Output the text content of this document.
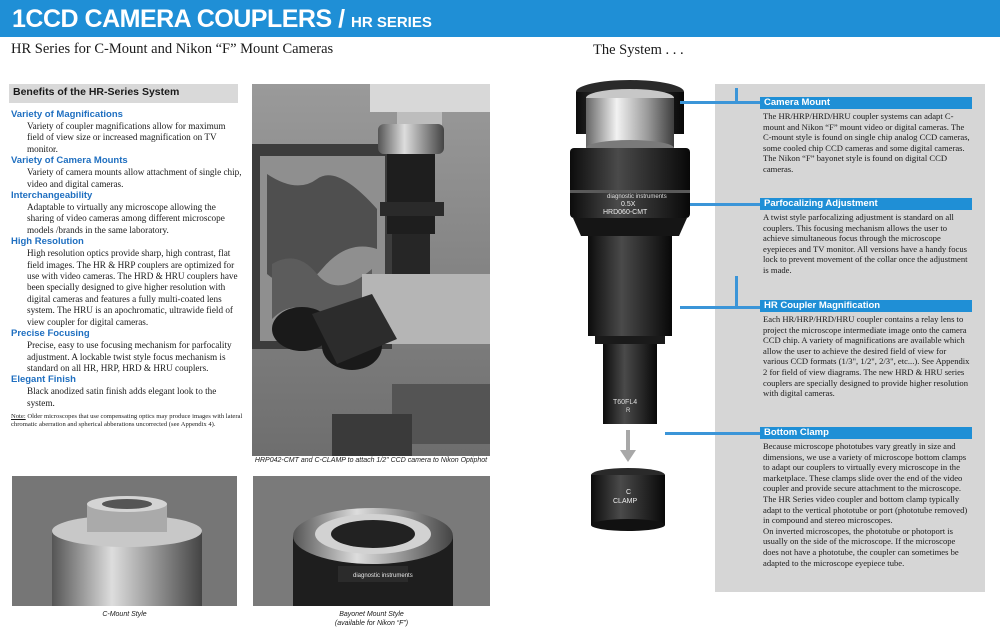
1CCD CAMERA COUPLERS / HR SERIES
HR Series for C-Mount and Nikon “F” Mount Cameras	The System . . .
Benefits of the HR-Series System
Variety of Magnifications
Variety of coupler magnifications allow for maximum field of view size or increased magnification on TV monitor.
Variety of Camera Mounts
Variety of camera mounts allow attachment of single chip, video and digital cameras.
Interchangeability
Adaptable to virtually any microscope allowing the sharing of video cameras among different microscope models /brands in the same laboratory.
High Resolution
High resolution optics provide sharp, high contrast, flat field images. The HR & HRP couplers are optimized for use with video cameras. The HRD & HRU couplers have been specially designed to give higher resolution with digital cameras and features a fully multi-coated lens system. The HRU is an apochromatic, ultrawide field of view coupler for digital cameras.
Precise Focusing
Precise, easy to use focusing mechanism for parfocality adjustment. A lockable twist style focus mechanism is standard on all HR, HRP, HRD & HRU couplers.
Elegant Finish
Black anodized satin finish adds elegant look to the system.
Note: Older microscopes that use compensating optics may produce images with lateral chromatic aberration and spherical abberations uncorrected (see Appendix 4).
HRP042-CMT and C-CLAMP to attach 1/2" CCD camera to Nikon Optiphot
C-Mount Style
diagnostic instruments
Bayonet Mount Style
(available for Nikon “F”)
diagnostic instruments
0.5X
HRD060-CMT
T60FL4
R
C
CLAMP
Camera Mount
The HR/HRP/HRD/HRU coupler systems can adapt C-mount and Nikon “F” mount video or digital cameras. The C-mount style is found on single chip analog CCD cameras, some cooled chip CCD cameras and some digital cameras. The Nikon “F” bayonet style is found on digital CCD cameras.
Parfocalizing Adjustment
A twist style parfocalizing adjustment is standard on all couplers. This focusing mechanism allows the user to achieve simultaneous focus through the microscope eyepieces and TV monitor. All versions have a handy focus lock to prevent movement of the collar once the adjustment is made.
HR Coupler Magnification
Each HR/HRP/HRD/HRU coupler contains a relay lens to project the microscope intermediate image onto the camera CCD chip. A variety of magnifications are available which allow the user to achieve the desired field of view for various CCD formats (1/3", 1/2", 2/3", etc...). See Appendix 2 for field of view diagrams. The new HRD & HRU series couplers are specially designed to provide higher resolution with digital cameras.
Bottom Clamp
Because microscope phototubes vary greatly in size and dimensions, we use a variety of microscope bottom clamps to adapt our couplers to virtually every microscope in the marketplace. These clamps slide over the end of the video coupler and provide secure attachment to the microscope. The HR Series video coupler and bottom clamp typically adapt to the vertical phototube or port (phototube removed) in compound and stereo microscopes.
On inverted microscopes, the phototube or photoport is usually on the side of the microscope. If the microscope does not have a phototube, the coupler can sometimes be adapted to the microscope eyepiece tube.
